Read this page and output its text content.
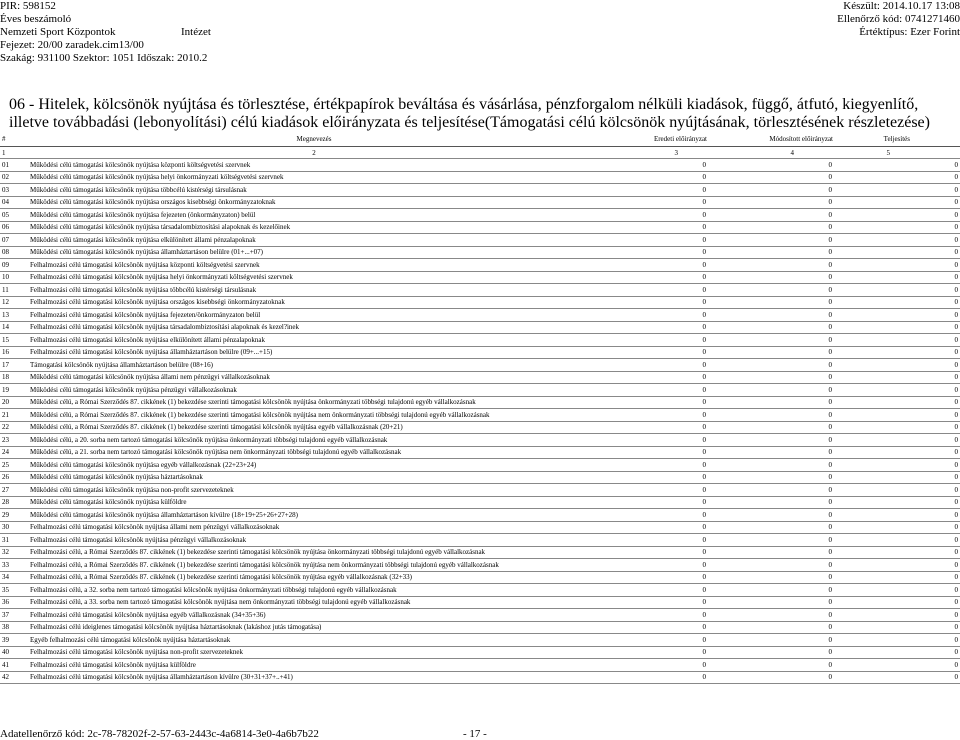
PIR: 598152
Éves beszámoló
Nemzeti Sport Központok
Fejezet: 20/00 zaradek.cim13/00
Szakág: 931100 Szektor: 1051 Időszak: 2010.2
Intézet
Készült: 2014.10.17 13:08
Ellenőrző kód: 0741271460
Értéktípus: Ezer Forint
06 - Hitelek, kölcsönök nyújtása és törlesztése, értékpapírok beváltása és vásárlása, pénzforgalom nélküli kiadások, függő, átfutó, kiegyenlítő, illetve továbbadási (lebonyolítási) célú kiadások előirányzata és teljesítése(Támogatási célú kölcsönök nyújtásának, törlesztésének részletezése)
#	Megnevezés	Eredeti előirányzat	Módosított előirányzat	Teljesítés
1	2	3	4	5
01	Működési célú támogatási kölcsönök nyújtása központi költségvetési szervnek	0	0	0
02	Működési célú támogatási kölcsönök nyújtása helyi önkormányzati költségvetési szervnek	0	0	0
03	Működési célú támogatási kölcsönök nyújtása többcélú kistérségi társulásnak	0	0	0
04	Működési célú támogatási kölcsönök nyújtása országos kisebbségi önkormányzatoknak	0	0	0
05	Működési célú támogatási kölcsönök nyújtása fejezeten (önkormányzaton) belül	0	0	0
06	Működési célú támogatási kölcsönök nyújtása társadalombiztosítási alapoknak és kezelőinek	0	0	0
07	Működési célú támogatási kölcsönök nyújtása elkülönített állami pénzalapoknak	0	0	0
08	Működési célú támogatási kölcsönök nyújtása államháztartáson belülre (01+...+07)	0	0	0
09	Felhalmozási célú támogatási kölcsönök nyújtása központi költségvetési szervnek	0	0	0
10	Felhalmozási célú támogatási kölcsönök nyújtása helyi önkormányzati költségvetési szervnek	0	0	0
11	Felhalmozási célú támogatási kölcsönök nyújtása többcélú kistérségi társulásnak	0	0	0
12	Felhalmozási célú támogatási kölcsönök nyújtása országos kisebbségi önkormányzatoknak	0	0	0
13	Felhalmozási célú támogatási kölcsönök nyújtása fejezeten/önkormányzaton belül	0	0	0
14	Felhalmozási célú támogatási kölcsönök nyújtása társadalombiztosítási alapoknak és kezel?inek	0	0	0
15	Felhalmozási célú támogatási kölcsönök nyújtása elkülönített állami pénzalapoknak	0	0	0
16	Felhalmozási célú támogatási kölcsönök nyújtása államháztartáson belülre (09+...+15)	0	0	0
17	Támogatási kölcsönök nyújtása államháztartáson belülre (08+16)	0	0	0
18	Működési célú támogatási kölcsönök nyújtása állami nem pénzügyi vállalkozásoknak	0	0	0
19	Működési célú támogatási kölcsönök nyújtása pénzügyi vállalkozásoknak	0	0	0
20	Működési célú, a Római Szerződés 87. cikkének (1) bekezdése szerinti támogatási kölcsönök nyújtása önkormányzati többségi tulajdonú egyéb vállalkozásnak	0	0	0
21	Működési célú, a Római Szerződés 87. cikkének (1) bekezdése szerinti támogatási kölcsönök nyújtása nem önkormányzati többségi tulajdonú egyéb vállalkozásnak	0	0	0
22	Működési célú, a Római Szerződés 87. cikkének (1) bekezdése szerinti támogatási kölcsönök nyújtása egyéb vállalkozásnak (20+21)	0	0	0
23	Működési célú, a 20. sorba nem tartozó támogatási kölcsönök nyújtása önkormányzati többségi tulajdonú egyéb vállalkozásnak	0	0	0
24	Működési célú, a 21. sorba nem tartozó támogatási kölcsönök nyújtása nem önkormányzati többségi tulajdonú egyéb vállalkozásnak	0	0	0
25	Működési célú támogatási kölcsönök nyújtása egyéb vállalkozásnak (22+23+24)	0	0	0
26	Működési célú támogatási kölcsönök nyújtása háztartásoknak	0	0	0
27	Működési célú támogatási kölcsönök nyújtása non-profit szervezeteknek	0	0	0
28	Működési célú támogatási kölcsönök nyújtása külföldre	0	0	0
29	Működési célú támogatási kölcsönök nyújtása államháztartáson kívülre (18+19+25+26+27+28)	0	0	0
30	Felhalmozási célú támogatási kölcsönök nyújtása állami nem pénzügyi vállalkozásoknak	0	0	0
31	Felhalmozási célú támogatási kölcsönök nyújtása pénzügyi vállalkozásoknak	0	0	0
32	Felhalmozási célú, a Római Szerződés 87. cikkének (1) bekezdése szerinti támogatási kölcsönök nyújtása önkormányzati többségi tulajdonú egyéb vállalkozásnak	0	0	0
33	Felhalmozási célú, a Római Szerződés 87. cikkének (1) bekezdése szerinti támogatási kölcsönök nyújtása nem önkormányzati többségi tulajdonú egyéb vállalkozásnak	0	0	0
34	Felhalmozási célú, a Római Szerződés 87. cikkének (1) bekezdése szerinti támogatási kölcsönök nyújtása egyéb vállalkozásnak (32+33)	0	0	0
35	Felhalmozási célú, a 32. sorba nem tartozó támogatási kölcsönök nyújtása önkormányzati többségi tulajdonú egyéb vállalkozásnak	0	0	0
36	Felhalmozási célú, a 33. sorba nem tartozó támogatási kölcsönök nyújtása nem önkormányzati többségi tulajdonú egyéb vállalkozásnak	0	0	0
37	Felhalmozási célú támogatási kölcsönök nyújtása egyéb vállalkozásnak (34+35+36)	0	0	0
38	Felhalmozási célú ideiglenes támogatási kölcsönök nyújtása háztartásoknak (lakáshoz jutás támogatása)	0	0	0
39	Egyéb felhalmozási célú támogatási kölcsönök nyújtása háztartásoknak	0	0	0
40	Felhalmozási célú támogatási kölcsönök nyújtása non-profit szervezeteknek	0	0	0
41	Felhalmozási célú támogatási kölcsönök nyújtása külföldre	0	0	0
42	Felhalmozási célú támogatási kölcsönök nyújtása államháztartáson kívülre (30+31+37+..+41)	0	0	0
Adatellenőrző kód: 2c-78-78202f-2-57-63-2443c-4a6814-3e0-4a6b7b22	- 17 -
